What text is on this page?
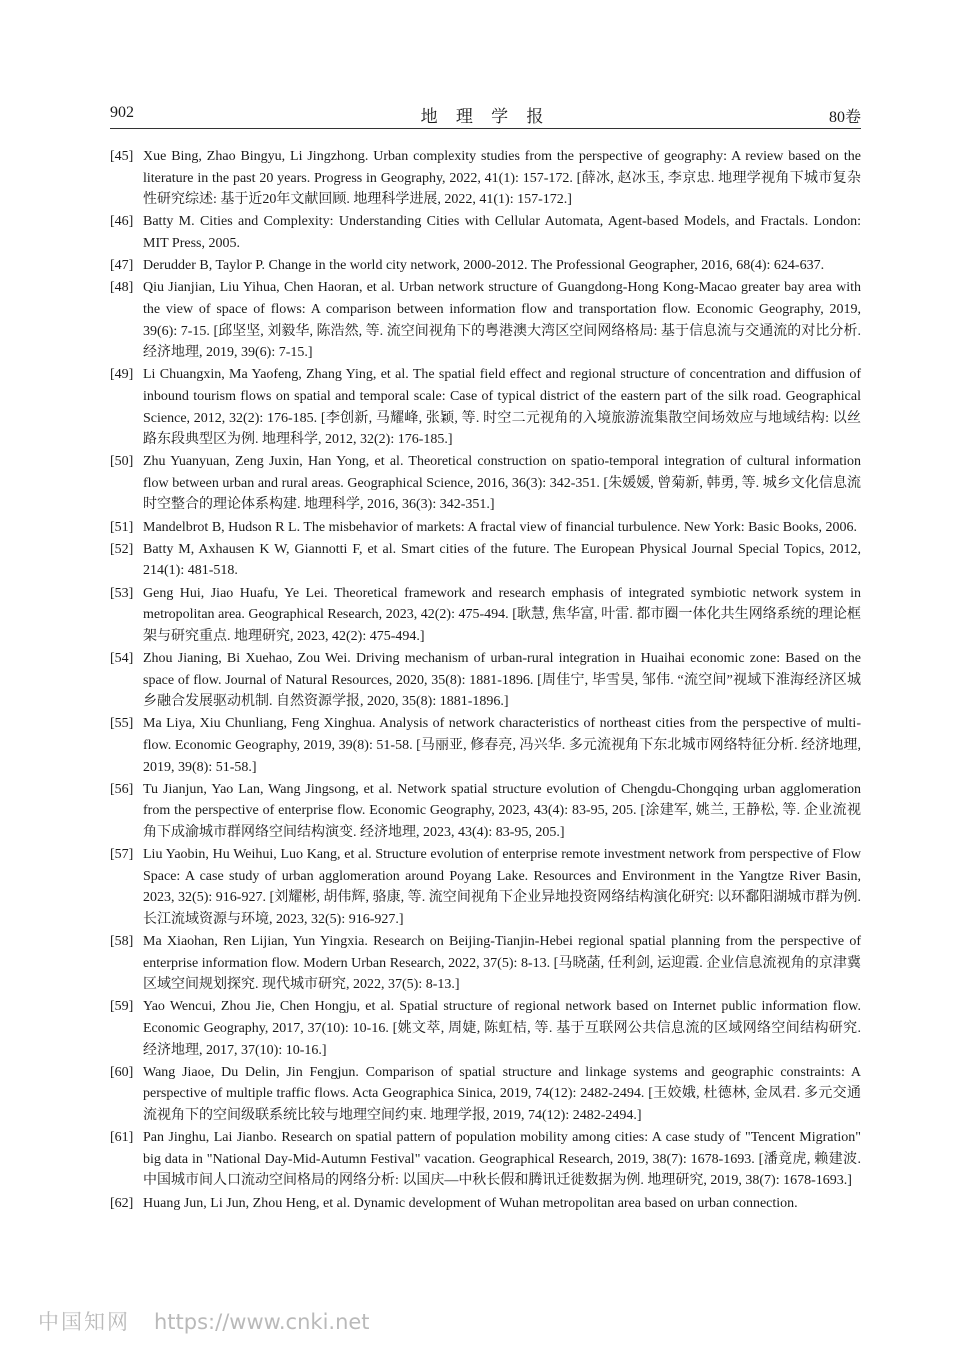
902	地 理 学 报	80卷
[45] Xue Bing, Zhao Bingyu, Li Jingzhong. Urban complexity studies from the perspective of geography: A review based on the literature in the past 20 years. Progress in Geography, 2022, 41(1): 157-172. [薛冰, 赵冰玉, 李京忠. 地理学视角下城市复杂性研究综述: 基于近20年文献回顾. 地理科学进展, 2022, 41(1): 157-172.]
[46] Batty M. Cities and Complexity: Understanding Cities with Cellular Automata, Agent-based Models, and Fractals. London: MIT Press, 2005.
[47] Derudder B, Taylor P. Change in the world city network, 2000-2012. The Professional Geographer, 2016, 68(4): 624-637.
[48] Qiu Jianjian, Liu Yihua, Chen Haoran, et al. Urban network structure of Guangdong-Hong Kong-Macao greater bay area with the view of space of flows: A comparison between information flow and transportation flow. Economic Geography, 2019, 39(6): 7-15. [邱坚坚, 刘毅华, 陈浩然, 等. 流空间视角下的粤港澳大湾区空间网络格局: 基于信息流与交通流的对比分析. 经济地理, 2019, 39(6): 7-15.]
[49] Li Chuangxin, Ma Yaofeng, Zhang Ying, et al. The spatial field effect and regional structure of concentration and diffusion of inbound tourism flows on spatial and temporal scale: Case of typical district of the eastern part of the silk road. Geographical Science, 2012, 32(2): 176-185. [李创新, 马耀峰, 张颖, 等. 时空二元视角的入境旅游流集散空间场效应与地域结构: 以丝路东段典型区为例. 地理科学, 2012, 32(2): 176-185.]
[50] Zhu Yuanyuan, Zeng Juxin, Han Yong, et al. Theoretical construction on spatio-temporal integration of cultural information flow between urban and rural areas. Geographical Science, 2016, 36(3): 342-351. [朱媛媛, 曾菊新, 韩勇, 等. 城乡文化信息流时空整合的理论体系构建. 地理科学, 2016, 36(3): 342-351.]
[51] Mandelbrot B, Hudson R L. The misbehavior of markets: A fractal view of financial turbulence. New York: Basic Books, 2006.
[52] Batty M, Axhausen K W, Giannotti F, et al. Smart cities of the future. The European Physical Journal Special Topics, 2012, 214(1): 481-518.
[53] Geng Hui, Jiao Huafu, Ye Lei. Theoretical framework and research emphasis of integrated symbiotic network system in metropolitan area. Geographical Research, 2023, 42(2): 475-494. [耿慧, 焦华富, 叶雷. 都市圈一体化共生网络系统的理论框架与研究重点. 地理研究, 2023, 42(2): 475-494.]
[54] Zhou Jianing, Bi Xuehao, Zou Wei. Driving mechanism of urban-rural integration in Huaihai economic zone: Based on the space of flow. Journal of Natural Resources, 2020, 35(8): 1881-1896. [周佳宁, 毕雪昊, 邹伟. “流空间”视域下淮海经济区城乡融合发展驱动机制. 自然资源学报, 2020, 35(8): 1881-1896.]
[55] Ma Liya, Xiu Chunliang, Feng Xinghua. Analysis of network characteristics of northeast cities from the perspective of multi-flow. Economic Geography, 2019, 39(8): 51-58. [马丽亚, 修春亮, 冯兴华. 多元流视角下东北城市网络特征分析. 经济地理, 2019, 39(8): 51-58.]
[56] Tu Jianjun, Yao Lan, Wang Jingsong, et al. Network spatial structure evolution of Chengdu-Chongqing urban agglomeration from the perspective of enterprise flow. Economic Geography, 2023, 43(4): 83-95, 205. [涂建军, 姚兰, 王静松, 等. 企业流视角下成渝城市群网络空间结构演变. 经济地理, 2023, 43(4): 83-95, 205.]
[57] Liu Yaobin, Hu Weihui, Luo Kang, et al. Structure evolution of enterprise remote investment network from perspective of Flow Space: A case study of urban agglomeration around Poyang Lake. Resources and Environment in the Yangtze River Basin, 2023, 32(5): 916-927. [刘耀彬, 胡伟辉, 骆康, 等. 流空间视角下企业异地投资网络结构演化研究: 以环鄱阳湖城市群为例. 长江流域资源与环境, 2023, 32(5): 916-927.]
[58] Ma Xiaohan, Ren Lijian, Yun Yingxia. Research on Beijing-Tianjin-Hebei regional spatial planning from the perspective of enterprise information flow. Modern Urban Research, 2022, 37(5): 8-13. [马晓菡, 任利剑, 运迎霞. 企业信息流视角的京津冀区域空间规划探究. 现代城市研究, 2022, 37(5): 8-13.]
[59] Yao Wencui, Zhou Jie, Chen Hongju, et al. Spatial structure of regional network based on Internet public information flow. Economic Geography, 2017, 37(10): 10-16. [姚文萃, 周婕, 陈虹桔, 等. 基于互联网公共信息流的区域网络空间结构研究. 经济地理, 2017, 37(10): 10-16.]
[60] Wang Jiaoe, Du Delin, Jin Fengjun. Comparison of spatial structure and linkage systems and geographic constraints: A perspective of multiple traffic flows. Acta Geographica Sinica, 2019, 74(12): 2482-2494. [王姣娥, 杜德林, 金凤君. 多元交通流视角下的空间级联系统比较与地理空间约束. 地理学报, 2019, 74(12): 2482-2494.]
[61] Pan Jinghu, Lai Jianbo. Research on spatial pattern of population mobility among cities: A case study of "Tencent Migration" big data in "National Day-Mid-Autumn Festival" vacation. Geographical Research, 2019, 38(7): 1678-1693. [潘竟虎, 赖建波. 中国城市间人口流动空间格局的网络分析: 以国庆—中秋长假和腾讯迁徙数据为例. 地理研究, 2019, 38(7): 1678-1693.]
[62] Huang Jun, Li Jun, Zhou Heng, et al. Dynamic development of Wuhan metropolitan area based on urban connection.
中国知网 https://www.cnki.net
